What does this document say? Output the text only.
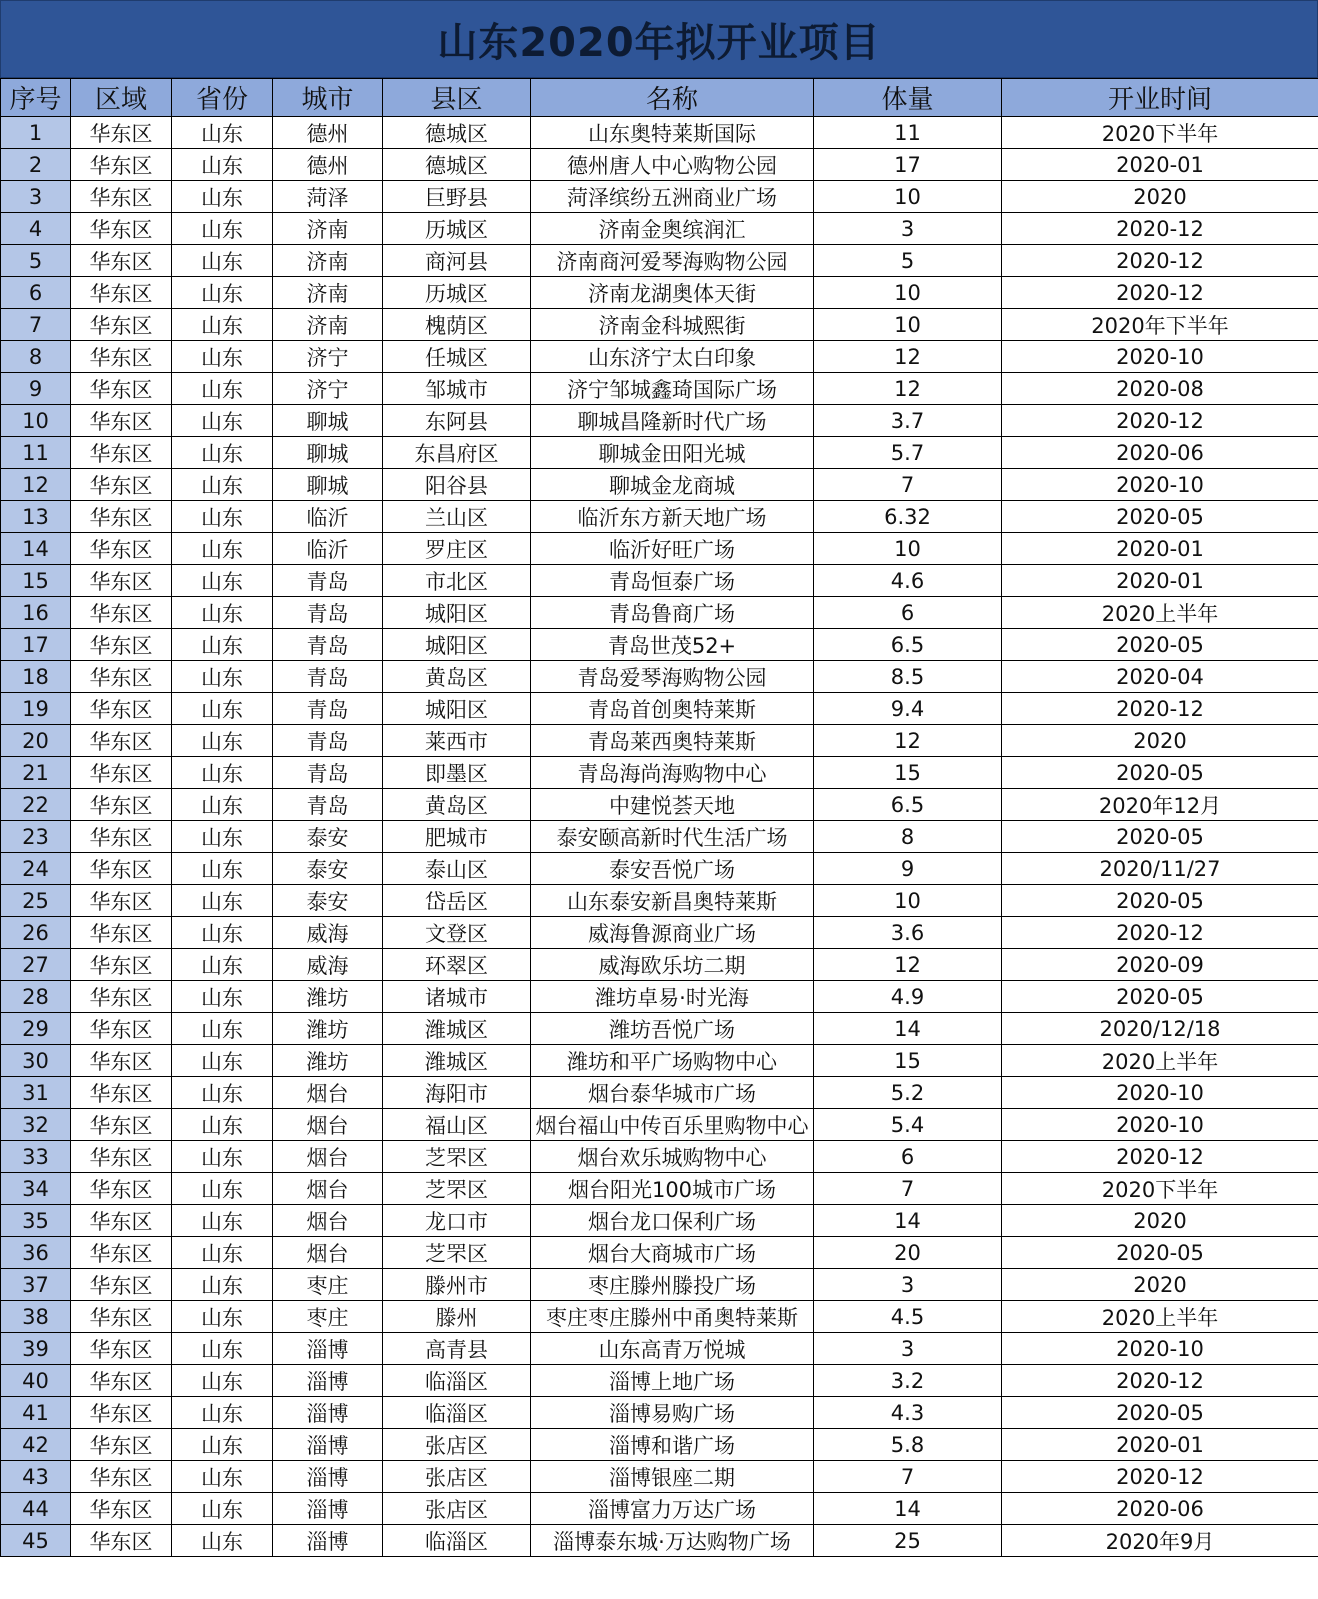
山东2020年拟开业项目
序号	区域	省份	城市	县区	名称	体量	开业时间
1	华东区	山东	德州	德城区	山东奥特莱斯国际	11	2020下半年
2	华东区	山东	德州	德城区	德州唐人中心购物公园	17	2020-01
3	华东区	山东	菏泽	巨野县	菏泽缤纷五洲商业广场	10	2020
4	华东区	山东	济南	历城区	济南金奥缤润汇	3	2020-12
5	华东区	山东	济南	商河县	济南商河爱琴海购物公园	5	2020-12
6	华东区	山东	济南	历城区	济南龙湖奥体天街	10	2020-12
7	华东区	山东	济南	槐荫区	济南金科城熙街	10	2020年下半年
8	华东区	山东	济宁	任城区	山东济宁太白印象	12	2020-10
9	华东区	山东	济宁	邹城市	济宁邹城鑫琦国际广场	12	2020-08
10	华东区	山东	聊城	东阿县	聊城昌隆新时代广场	3.7	2020-12
11	华东区	山东	聊城	东昌府区	聊城金田阳光城	5.7	2020-06
12	华东区	山东	聊城	阳谷县	聊城金龙商城	7	2020-10
13	华东区	山东	临沂	兰山区	临沂东方新天地广场	6.32	2020-05
14	华东区	山东	临沂	罗庄区	临沂好旺广场	10	2020-01
15	华东区	山东	青岛	市北区	青岛恒泰广场	4.6	2020-01
16	华东区	山东	青岛	城阳区	青岛鲁商广场	6	2020上半年
17	华东区	山东	青岛	城阳区	青岛世茂52+	6.5	2020-05
18	华东区	山东	青岛	黄岛区	青岛爱琴海购物公园	8.5	2020-04
19	华东区	山东	青岛	城阳区	青岛首创奥特莱斯	9.4	2020-12
20	华东区	山东	青岛	莱西市	青岛莱西奥特莱斯	12	2020
21	华东区	山东	青岛	即墨区	青岛海尚海购物中心	15	2020-05
22	华东区	山东	青岛	黄岛区	中建悦荟天地	6.5	2020年12月
23	华东区	山东	泰安	肥城市	泰安颐高新时代生活广场	8	2020-05
24	华东区	山东	泰安	泰山区	泰安吾悦广场	9	2020/11/27
25	华东区	山东	泰安	岱岳区	山东泰安新昌奥特莱斯	10	2020-05
26	华东区	山东	威海	文登区	威海鲁源商业广场	3.6	2020-12
27	华东区	山东	威海	环翠区	威海欧乐坊二期	12	2020-09
28	华东区	山东	潍坊	诸城市	潍坊卓易·时光海	4.9	2020-05
29	华东区	山东	潍坊	潍城区	潍坊吾悦广场	14	2020/12/18
30	华东区	山东	潍坊	潍城区	潍坊和平广场购物中心	15	2020上半年
31	华东区	山东	烟台	海阳市	烟台泰华城市广场	5.2	2020-10
32	华东区	山东	烟台	福山区	烟台福山中传百乐里购物中心	5.4	2020-10
33	华东区	山东	烟台	芝罘区	烟台欢乐城购物中心	6	2020-12
34	华东区	山东	烟台	芝罘区	烟台阳光100城市广场	7	2020下半年
35	华东区	山东	烟台	龙口市	烟台龙口保利广场	14	2020
36	华东区	山东	烟台	芝罘区	烟台大商城市广场	20	2020-05
37	华东区	山东	枣庄	滕州市	枣庄滕州滕投广场	3	2020
38	华东区	山东	枣庄	滕州	枣庄枣庄滕州中甬奥特莱斯	4.5	2020上半年
39	华东区	山东	淄博	高青县	山东高青万悦城	3	2020-10
40	华东区	山东	淄博	临淄区	淄博上地广场	3.2	2020-12
41	华东区	山东	淄博	临淄区	淄博易购广场	4.3	2020-05
42	华东区	山东	淄博	张店区	淄博和谐广场	5.8	2020-01
43	华东区	山东	淄博	张店区	淄博银座二期	7	2020-12
44	华东区	山东	淄博	张店区	淄博富力万达广场	14	2020-06
45	华东区	山东	淄博	临淄区	淄博泰东城·万达购物广场	25	2020年9月
